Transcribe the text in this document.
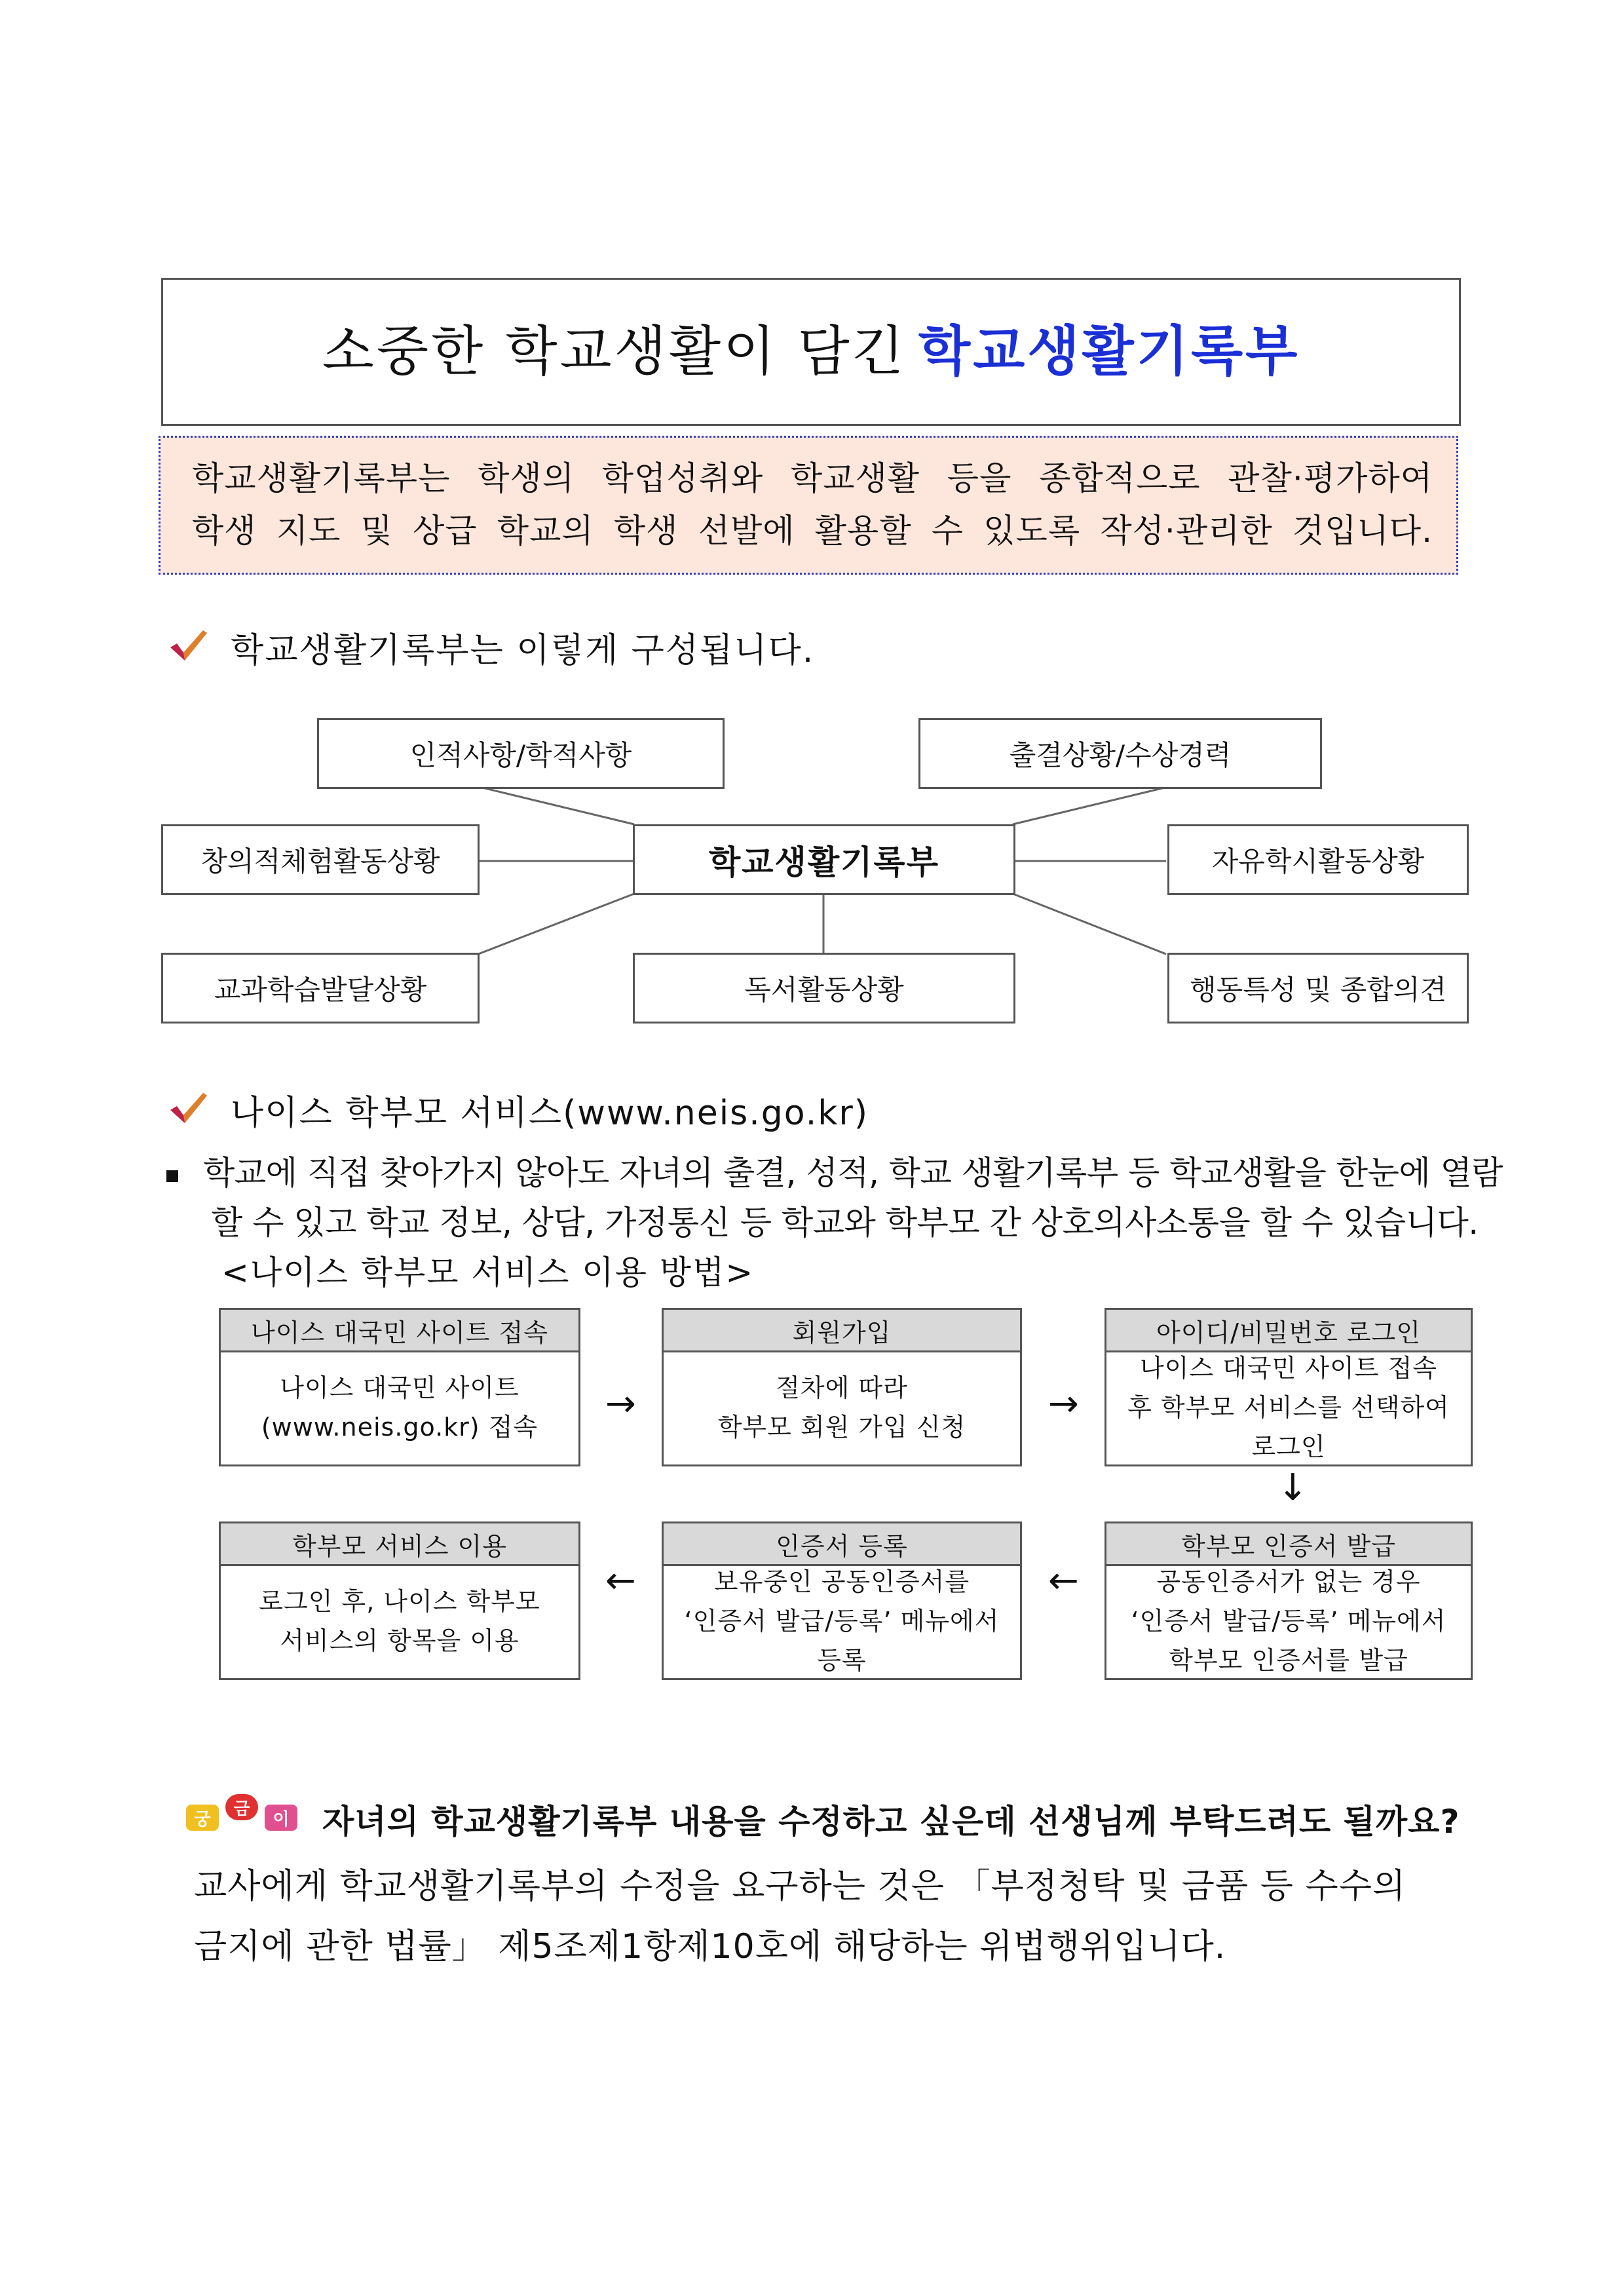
소중한 학교생활이 담긴 학교생활기록부
학교생활기록부는 학생의 학업성취와 학교생활 등을 종합적으로 관찰·평가하여
학생 지도 및 상급 학교의 학생 선발에 활용할 수 있도록 작성·관리한 것입니다.
학교생활기록부는 이렇게 구성됩니다.
인적사항/학적사항	출결상황/수상경력
창의적체험활동상황	학교생활기록부	자유학시활동상황
교과학습발달상황	독서활동상황	행동특성 및 종합의견
나이스 학부모 서비스(www.neis.go.kr)
학교에 직접 찾아가지 않아도 자녀의 출결, 성적, 학교 생활기록부 등 학교생활을 한눈에 열람
할 수 있고 학교 정보, 상담, 가정통신 등 학교와 학부모 간 상호의사소통을 할 수 있습니다.
<나이스 학부모 서비스 이용 방법>
나이스 대국민 사이트 접속
나이스 대국민 사이트
(www.neis.go.kr) 접속
→
회원가입
절차에 따라
학부모 회원 가입 신청
→
아이디/비밀번호 로그인
나이스 대국민 사이트 접속
후 학부모 서비스를 선택하여
로그인
↓
학부모 서비스 이용
로그인 후, 나이스 학부모
서비스의 항목을 이용
←
인증서 등록
보유중인 공동인증서를
‘인증서 발급/등록’ 메뉴에서
등록
←
학부모 인증서 발급
공동인증서가 없는 경우
‘인증서 발급/등록’ 메뉴에서
학부모 인증서를 발급
궁
금
이 자녀의 학교생활기록부 내용을 수정하고 싶은데 선생님께 부탁드려도 될까요?
교사에게 학교생활기록부의 수정을 요구하는 것은 「부정청탁 및 금품 등 수수의
금지에 관한 법률」 제5조제1항제10호에 해당하는 위법행위입니다.
